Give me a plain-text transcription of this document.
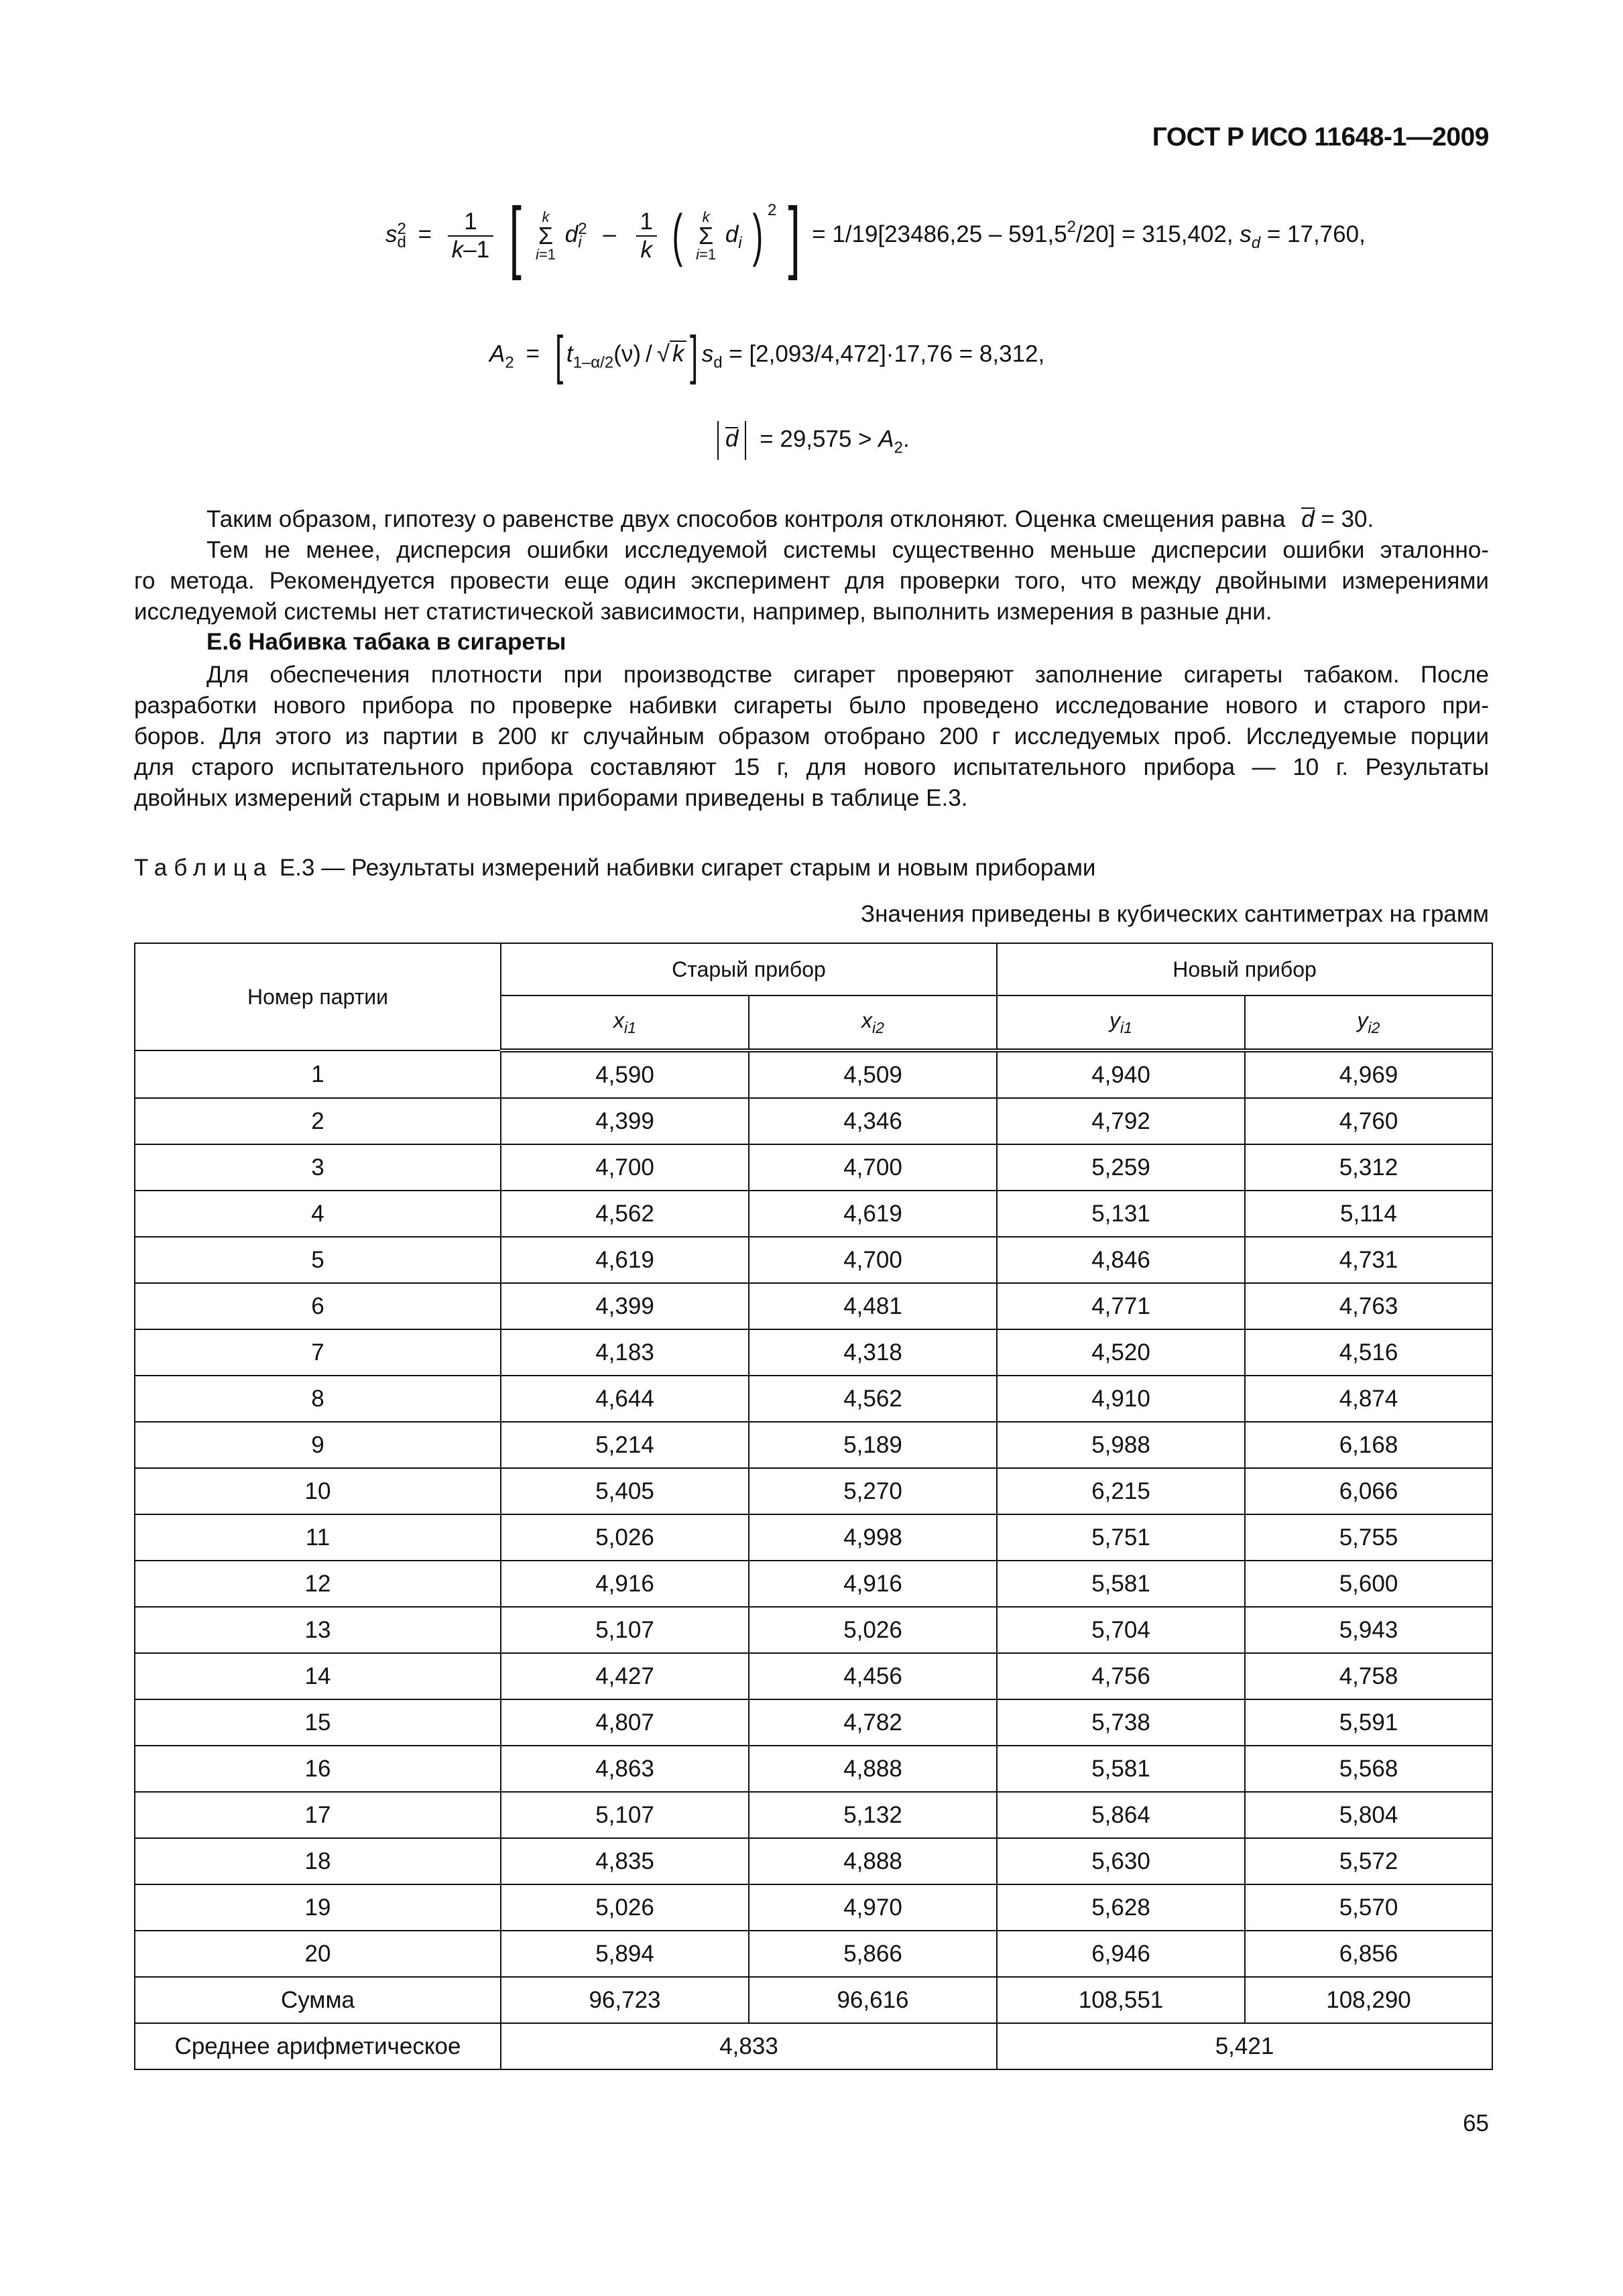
ГОСТ Р ИСО 11648-1—2009
s 2
$d = \frac{1}{k-1}$ [ k
Σ
i=1 d 2
i – $\frac{1}{k}$ ( k
Σ
i=1 $d_i$ ) $^2$ ] = $1/19[23486,25 - 591,5^2/20] = 315,402$, $s_d = 17,760$,
$A_2$ = [ $t_{1-\alpha/2}(\nu)$ / √ k ] $s_d = [2,093/4,472]\cdot 17,76 = 8,312$,
$d = 29,575 > A_2$.
Таким образом, гипотезу о равенстве двух способов контроля отклоняют. Оценка смещения равна d = 30.
Тем не менее, дисперсия ошибки исследуемой системы существенно меньше дисперсии ошибки эталонно-
го метода. Рекомендуется провести еще один эксперимент для проверки того, что между двойными измерениями
исследуемой системы нет статистической зависимости, например, выполнить измерения в разные дни.
Е.6 Набивка табака в сигареты
Для обеспечения плотности при производстве сигарет проверяют заполнение сигареты табаком. После
разработки нового прибора по проверке набивки сигареты было проведено исследование нового и старого при-
боров. Для этого из партии в 200 кг случайным образом отобрано 200 г исследуемых проб. Исследуемые порции
для старого испытательного прибора составляют 15 г, для нового испытательного прибора — 10 г. Результаты
двойных измерений старым и новыми приборами приведены в таблице Е.3.
Таблица Е.3 — Результаты измерений набивки сигарет старым и новым приборами
Значения приведены в кубических сантиметрах на грамм
Номер партии	Старый прибор		Новый прибор	
	$x_{i1}$	$x_{i2}$	$y_{i1}$	$y_{i2}$
1	4,590	4,509	4,940	4,969
2	4,399	4,346	4,792	4,760
3	4,700	4,700	5,259	5,312
4	4,562	4,619	5,131	5,114
5	4,619	4,700	4,846	4,731
6	4,399	4,481	4,771	4,763
7	4,183	4,318	4,520	4,516
8	4,644	4,562	4,910	4,874
9	5,214	5,189	5,988	6,168
10	5,405	5,270	6,215	6,066
11	5,026	4,998	5,751	5,755
12	4,916	4,916	5,581	5,600
13	5,107	5,026	5,704	5,943
14	4,427	4,456	4,756	4,758
15	4,807	4,782	5,738	5,591
16	4,863	4,888	5,581	5,568
17	5,107	5,132	5,864	5,804
18	4,835	4,888	5,630	5,572
19	5,026	4,970	5,628	5,570
20	5,894	5,866	6,946	6,856
Сумма	96,723	96,616	108,551	108,290
Среднее арифметическое	4,833		5,421	
65
